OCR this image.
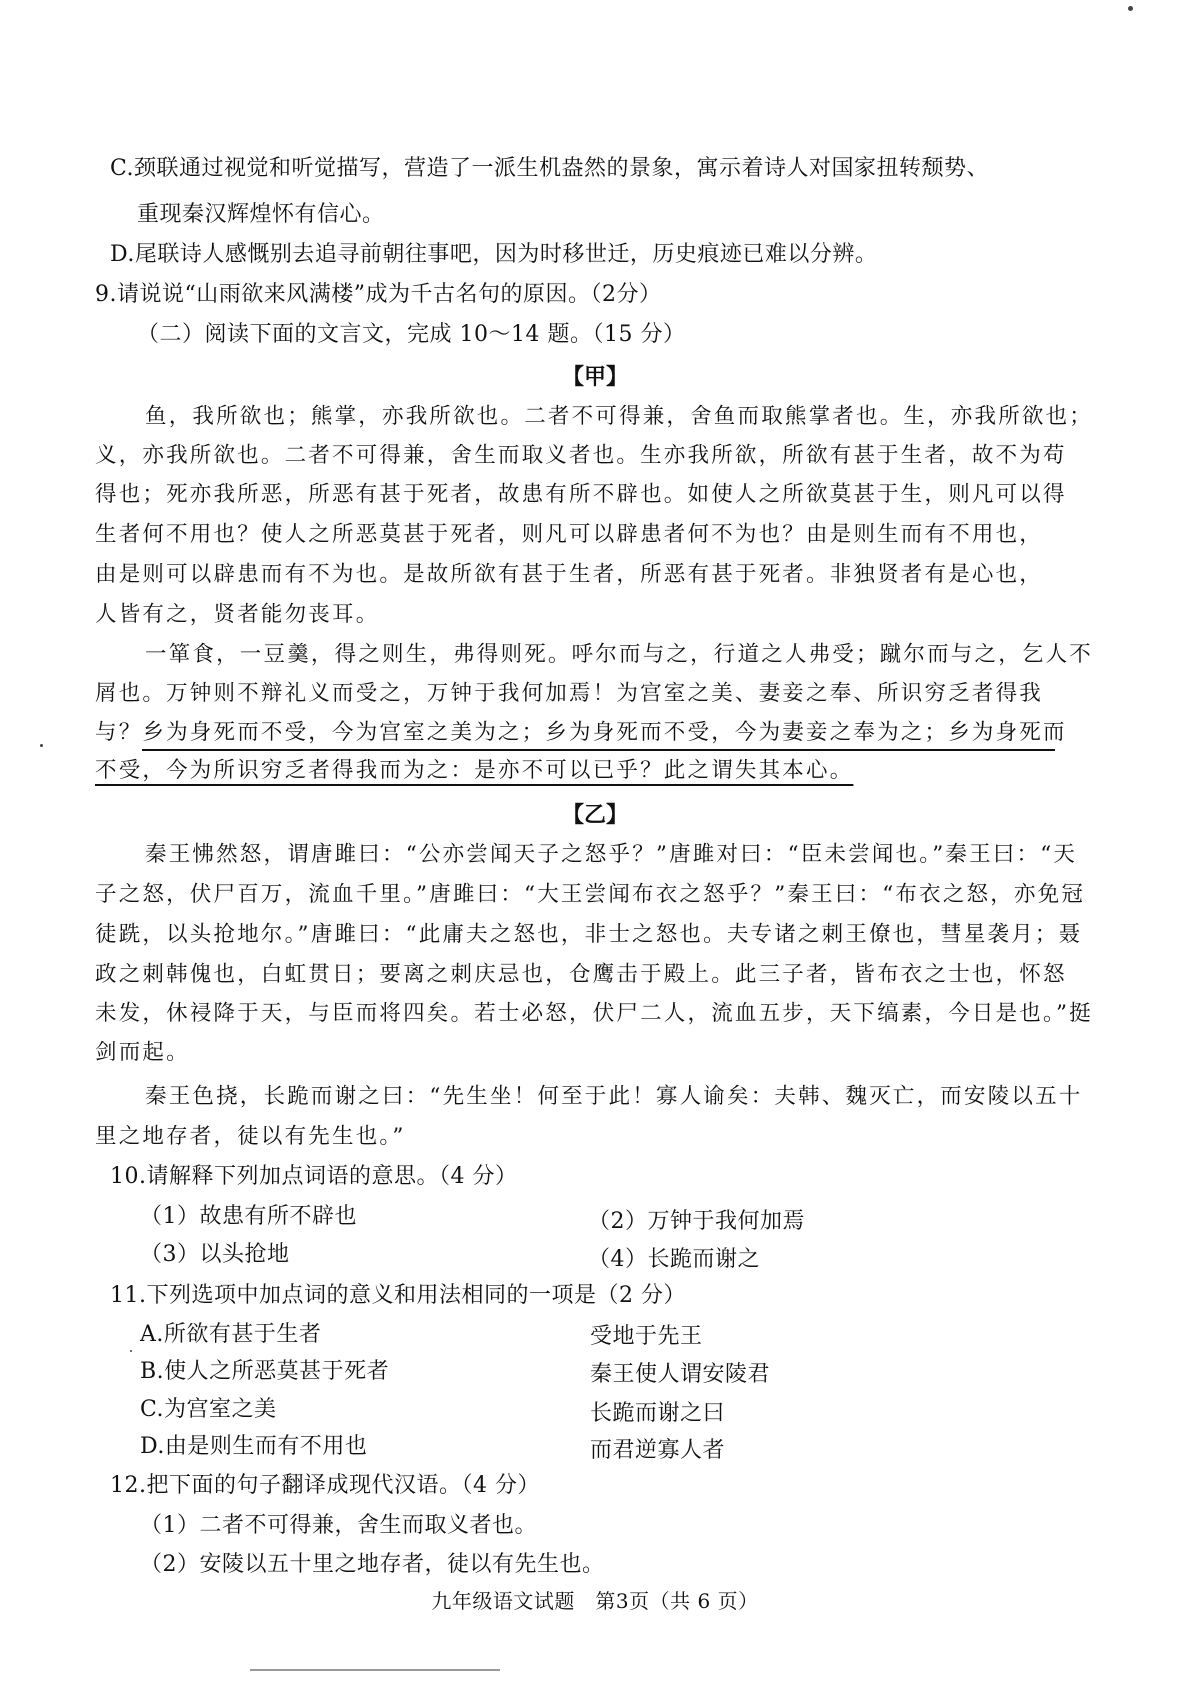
C.颈联通过视觉和听觉描写，营造了一派生机盎然的景象，寓示着诗人对国家扭转颓势、
重现秦汉辉煌怀有信心。
D.尾联诗人感慨别去追寻前朝往事吧，因为时移世迁，历史痕迹已难以分辨。
9.请说说“山雨欲来风满楼”成为千古名句的原因。（2分）
（二）阅读下面的文言文，完成 10～14 题。（15 分）
【甲】
鱼，我所欲也；熊掌，亦我所欲也。二者不可得兼，舍鱼而取熊掌者也。生，亦我所欲也；
义，亦我所欲也。二者不可得兼，舍生而取义者也。生亦我所欲，所欲有甚于生者，故不为苟
得也；死亦我所恶，所恶有甚于死者，故患有所不辟也。如使人之所欲莫甚于生，则凡可以得
生者何不用也？使人之所恶莫甚于死者，则凡可以辟患者何不为也？由是则生而有不用也，
由是则可以辟患而有不为也。是故所欲有甚于生者，所恶有甚于死者。非独贤者有是心也，
人皆有之，贤者能勿丧耳。
一箪食，一豆羹，得之则生，弗得则死。呼尔而与之，行道之人弗受；蹴尔而与之，乞人不
屑也。万钟则不辩礼义而受之，万钟于我何加焉！为宫室之美、妻妾之奉、所识穷乏者得我
与？乡为身死而不受，今为宫室之美为之；乡为身死而不受，今为妻妾之奉为之；乡为身死而
不受，今为所识穷乏者得我而为之：是亦不可以已乎？此之谓失其本心。
【乙】
秦王怫然怒，谓唐雎曰：“公亦尝闻天子之怒乎？”唐雎对曰：“臣未尝闻也。”秦王曰：“天
子之怒，伏尸百万，流血千里。”唐雎曰：“大王尝闻布衣之怒乎？”秦王曰：“布衣之怒，亦免冠
徒跣，以头抢地尔。”唐雎曰：“此庸夫之怒也，非士之怒也。夫专诸之刺王僚也，彗星袭月；聂
政之刺韩傀也，白虹贯日；要离之刺庆忌也，仓鹰击于殿上。此三子者，皆布衣之士也，怀怒
未发，休祲降于天，与臣而将四矣。若士必怒，伏尸二人，流血五步，天下缟素，今日是也。”挺
剑而起。
秦王色挠，长跪而谢之曰：“先生坐！何至于此！寡人谕矣：夫韩、魏灭亡，而安陵以五十
里之地存者，徒以有先生也。”
10.请解释下列加点词语的意思。（4 分）
（1）故患有所不辟也	（2）万钟于我何加焉
（3）以头抢地	（4）长跪而谢之
11.下列选项中加点词的意义和用法相同的一项是（2 分）
A.所欲有甚于生者	受地于先王
B.使人之所恶莫甚于死者	秦王使人谓安陵君
C.为宫室之美	长跪而谢之曰
D.由是则生而有不用也	而君逆寡人者
12.把下面的句子翻译成现代汉语。（4 分）
（1）二者不可得兼，舍生而取义者也。
（2）安陵以五十里之地存者，徒以有先生也。
九年级语文试题　第3页（共 6 页）
